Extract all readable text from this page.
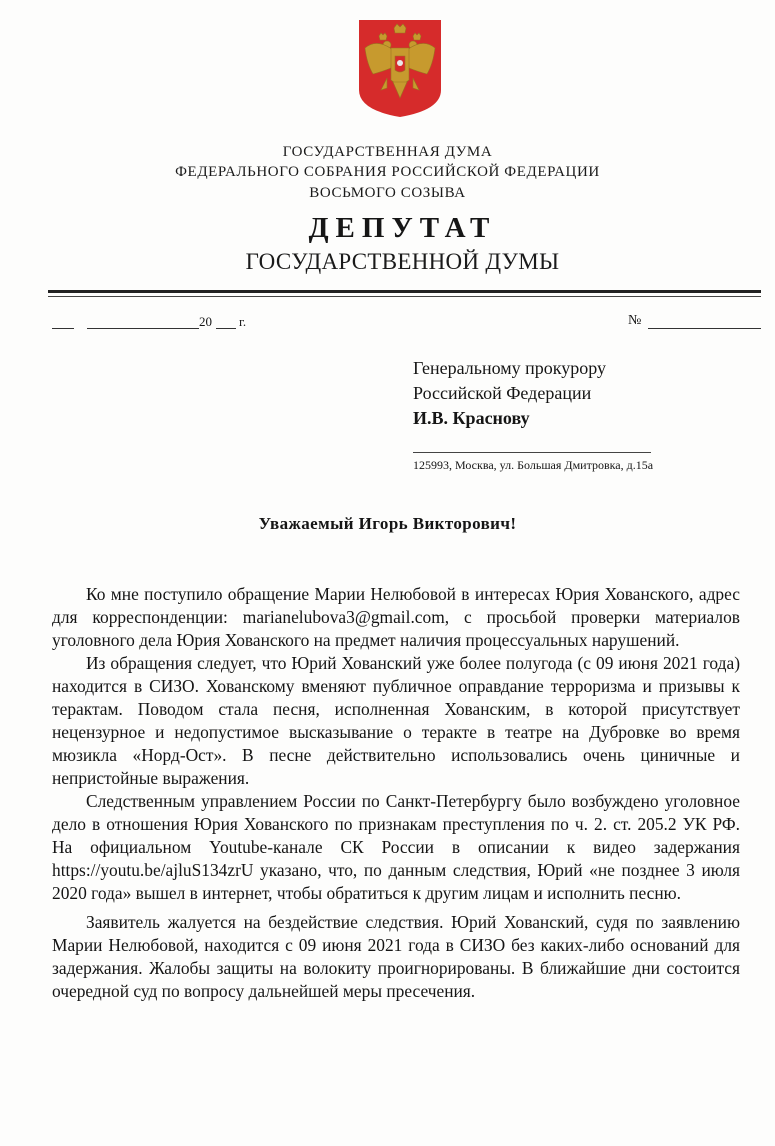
ГОСУДАРСТВЕННАЯ ДУМА
ФЕДЕРАЛЬНОГО СОБРАНИЯ РОССИЙСКОЙ ФЕДЕРАЦИИ
ВОСЬМОГО СОЗЫВА
ДЕПУТАТ
ГОСУДАРСТВЕННОЙ ДУМЫ
20 г.	№
Генеральному прокурору
Российской Федерации
И.В. Краснову
125993, Москва, ул. Большая Дмитровка, д.15а
Уважаемый Игорь Викторович!

Ко мне поступило обращение Марии Нелюбовой в интересах Юрия Хованского, адрес для корреспонденции: marianelubova3@gmail.com, с просьбой проверки материалов уголовного дела Юрия Хованского на предмет наличия процессуальных нарушений.

Из обращения следует, что Юрий Хованский уже более полугода (с 09 июня 2021 года) находится в СИЗО. Хованскому вменяют публичное оправдание терроризма и призывы к терактам. Поводом стала песня, исполненная Хованским, в которой присутствует нецензурное и недопустимое высказывание о теракте в театре на Дубровке во время мюзикла «Норд-Ост». В песне действительно использовались очень циничные и непристойные выражения.

Следственным управлением России по Санкт-Петербургу было возбуждено уголовное дело в отношения Юрия Хованского по признакам преступления по ч. 2. ст. 205.2 УК РФ. На официальном Youtube-канале СК России в описании к видео задержания https://youtu.be/ajluS134zrU указано, что, по данным следствия, Юрий «не позднее 3 июля 2020 года» вышел в интернет, чтобы обратиться к другим лицам и исполнить песню.

Заявитель жалуется на бездействие следствия. Юрий Хованский, судя по заявлению Марии Нелюбовой, находится с 09 июня 2021 года в СИЗО без каких-либо оснований для задержания. Жалобы защиты на волокиту проигнорированы. В ближайшие дни состоится очередной суд по вопросу дальнейшей меры пресечения.
